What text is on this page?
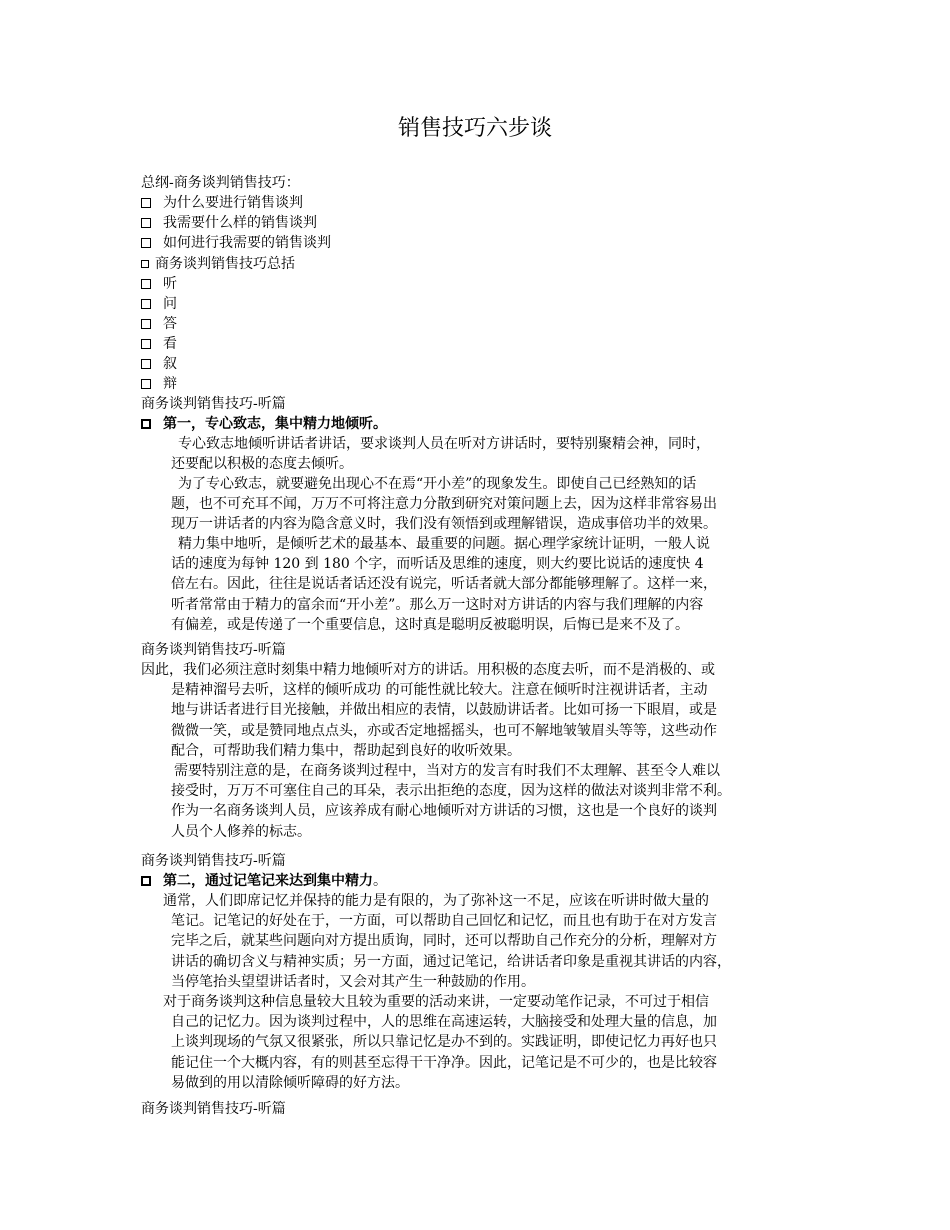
销售技巧六步谈
总纲-商务谈判销售技巧：
为什么要进行销售谈判
我需要什么样的销售谈判
如何进行我需要的销售谈判
商务谈判销售技巧总括
听
问
答
看
叙
辩
商务谈判销售技巧-听篇
第一，专心致志，集中精力地倾听。
专心致志地倾听讲话者讲话，要求谈判人员在听对方讲话时，要特别聚精会神，同时，
还要配以积极的态度去倾听。
为了专心致志，就要避免出现心不在焉“开小差”的现象发生。即使自己已经熟知的话
题，也不可充耳不闻，万万不可将注意力分散到研究对策问题上去，因为这样非常容易出
现万一讲话者的内容为隐含意义时，我们没有领悟到或理解错误，造成事倍功半的效果。
精力集中地听，是倾听艺术的最基本、最重要的问题。据心理学家统计证明，一般人说
话的速度为每钟 120 到 180 个字，而听话及思维的速度，则大约要比说话的速度快 4
倍左右。因此，往往是说话者话还没有说完，听话者就大部分都能够理解了。这样一来，
听者常常由于精力的富余而“开小差”。那么万一这时对方讲话的内容与我们理解的内容
有偏差，或是传递了一个重要信息，这时真是聪明反被聪明误，后悔已是来不及了。
商务谈判销售技巧-听篇
因此，我们必须注意时刻集中精力地倾听对方的讲话。用积极的态度去听，而不是消极的、或
是精神溜号去听，这样的倾听成功 的可能性就比较大。注意在倾听时注视讲话者，主动
地与讲话者进行目光接触，并做出相应的表情，以鼓励讲话者。比如可扬一下眼眉，或是
微微一笑，或是赞同地点点头，亦或否定地摇摇头，也可不解地皱皱眉头等等，这些动作
配合，可帮助我们精力集中，帮助起到良好的收听效果。
需要特别注意的是，在商务谈判过程中，当对方的发言有时我们不太理解、甚至令人难以
接受时，万万不可塞住自己的耳朵，表示出拒绝的态度，因为这样的做法对谈判非常不利。
作为一名商务谈判人员，应该养成有耐心地倾听对方讲话的习惯，这也是一个良好的谈判
人员个人修养的标志。
商务谈判销售技巧-听篇
第二，通过记笔记来达到集中精力。
通常，人们即席记忆并保持的能力是有限的，为了弥补这一不足，应该在听讲时做大量的
笔记。记笔记的好处在于，一方面，可以帮助自己回忆和记忆，而且也有助于在对方发言
完毕之后，就某些问题向对方提出质询，同时，还可以帮助自己作充分的分析，理解对方
讲话的确切含义与精神实质；另一方面，通过记笔记，给讲话者印象是重视其讲话的内容，
当停笔抬头望望讲话者时，又会对其产生一种鼓励的作用。
对于商务谈判这种信息量较大且较为重要的活动来讲，一定要动笔作记录，不可过于相信
自己的记忆力。因为谈判过程中，人的思维在高速运转，大脑接受和处理大量的信息，加
上谈判现场的气氛又很紧张，所以只靠记忆是办不到的。实践证明，即使记忆力再好也只
能记住一个大概内容，有的则甚至忘得干干净净。因此，记笔记是不可少的，也是比较容
易做到的用以清除倾听障碍的好方法。
商务谈判销售技巧-听篇
